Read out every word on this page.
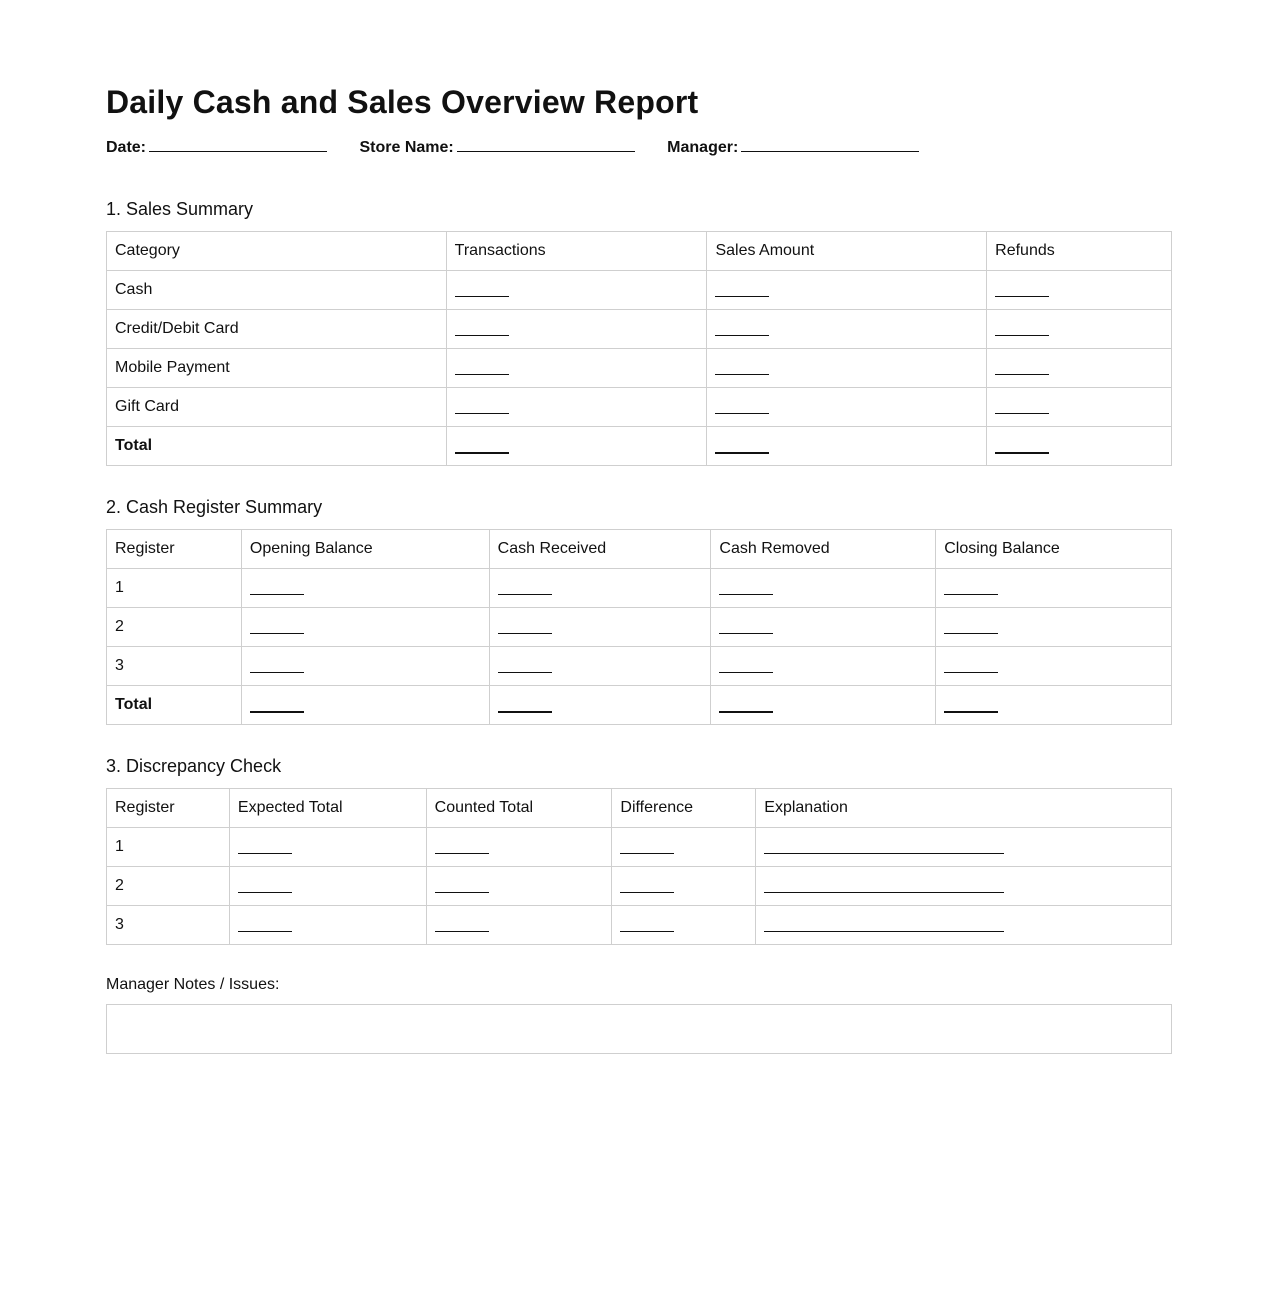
Daily Cash and Sales Overview Report
Date:	Store Name:	Manager:
1. Sales Summary
Category	Transactions	Sales Amount	Refunds
Cash			
Credit/Debit Card			
Mobile Payment			
Gift Card			
Total			
2. Cash Register Summary
Register	Opening Balance	Cash Received	Cash Removed	Closing Balance
1				
2				
3				
Total				
3. Discrepancy Check
Register	Expected Total	Counted Total	Difference	Explanation
1				
2				
3				

Manager Notes / Issues:
